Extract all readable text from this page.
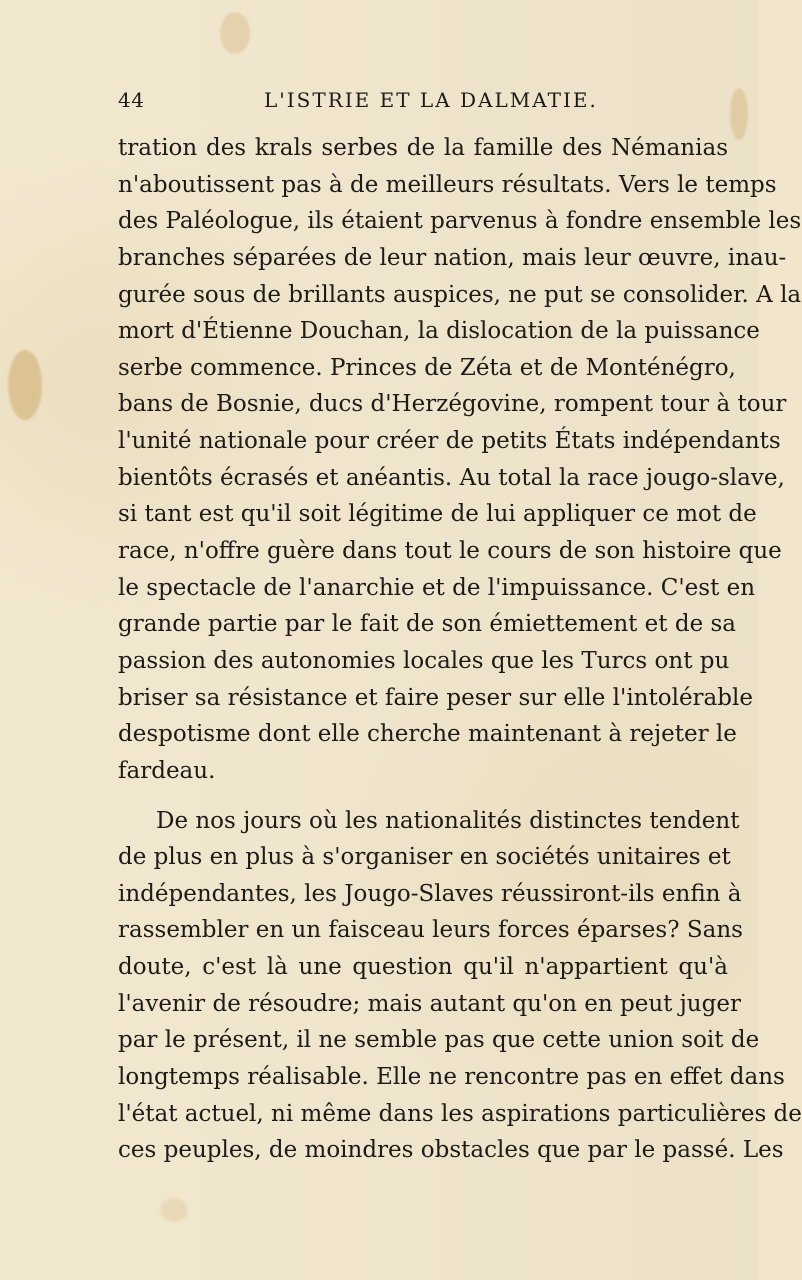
44	L'ISTRIE ET LA DALMATIE.
tration des krals serbes de la famille des Némanias
n'aboutissent pas à de meilleurs résultats. Vers le temps
des Paléologue, ils étaient parvenus à fondre ensemble les
branches séparées de leur nation, mais leur œuvre, inau-
gurée sous de brillants auspices, ne put se consolider. A la
mort d'Étienne Douchan, la dislocation de la puissance
serbe commence. Princes de Zéta et de Monténégro,
bans de Bosnie, ducs d'Herzégovine, rompent tour à tour
l'unité nationale pour créer de petits États indépendants
bientôts écrasés et anéantis. Au total la race jougo-slave,
si tant est qu'il soit légitime de lui appliquer ce mot de
race, n'offre guère dans tout le cours de son histoire que
le spectacle de l'anarchie et de l'impuissance. C'est en
grande partie par le fait de son émiettement et de sa
passion des autonomies locales que les Turcs ont pu
briser sa résistance et faire peser sur elle l'intolérable
despotisme dont elle cherche maintenant à rejeter le
fardeau.
De nos jours où les nationalités distinctes tendent
de plus en plus à s'organiser en sociétés unitaires et
indépendantes, les Jougo-Slaves réussiront-ils enfin à
rassembler en un faisceau leurs forces éparses? Sans
doute, c'est là une question qu'il n'appartient qu'à
l'avenir de résoudre; mais autant qu'on en peut juger
par le présent, il ne semble pas que cette union soit de
longtemps réalisable. Elle ne rencontre pas en effet dans
l'état actuel, ni même dans les aspirations particulières de
ces peuples, de moindres obstacles que par le passé. Les
